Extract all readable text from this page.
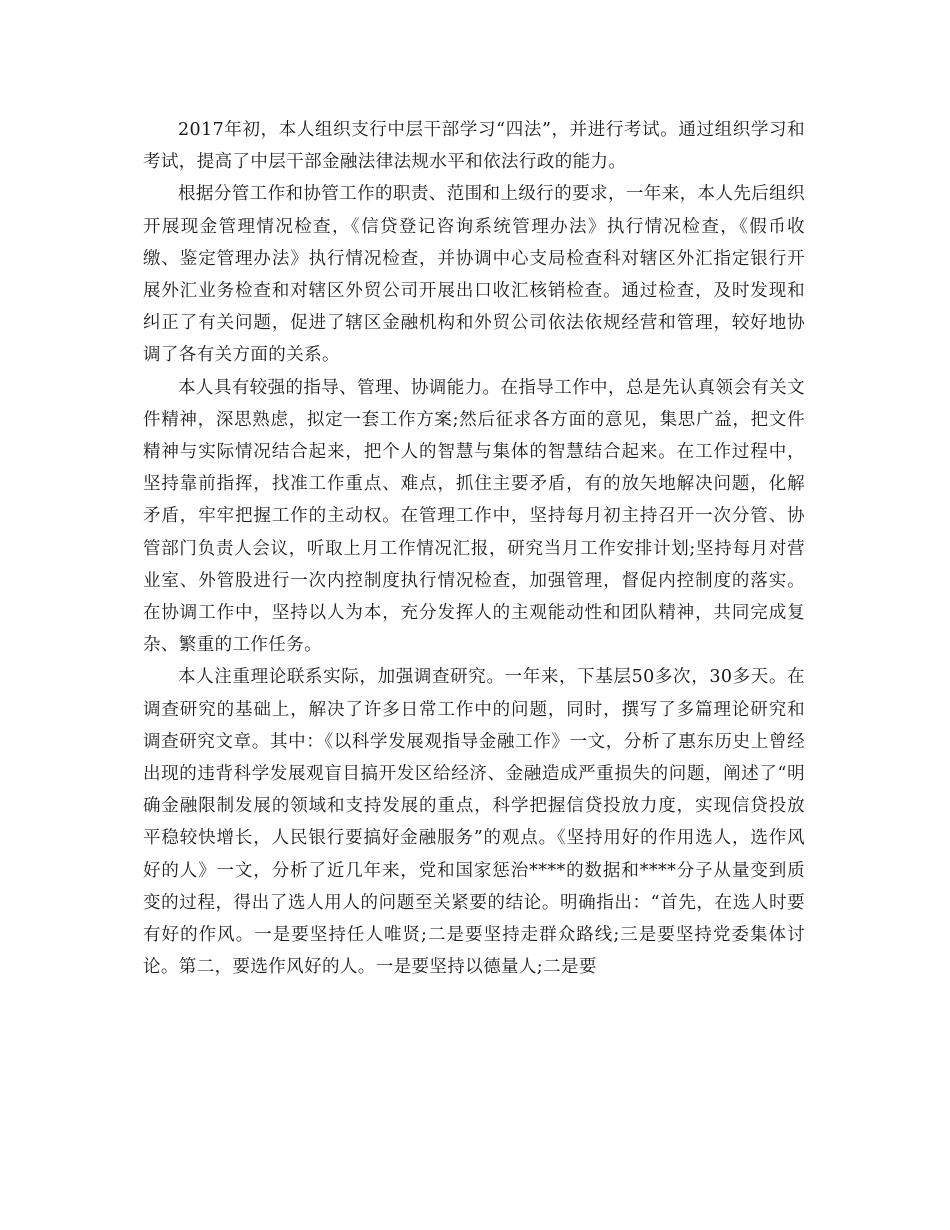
2017年初，本人组织支行中层干部学习“四法”，并进行考试。通过组织学习和考试，提高了中层干部金融法律法规水平和依法行政的能力。

根据分管工作和协管工作的职责、范围和上级行的要求，一年来，本人先后组织开展现金管理情况检查，《信贷登记咨询系统管理办法》执行情况检查，《假币收缴、鉴定管理办法》执行情况检查，并协调中心支局检查科对辖区外汇指定银行开展外汇业务检查和对辖区外贸公司开展出口收汇核销检查。通过检查，及时发现和纠正了有关问题，促进了辖区金融机构和外贸公司依法依规经营和管理，较好地协调了各有关方面的关系。

本人具有较强的指导、管理、协调能力。在指导工作中，总是先认真领会有关文件精神，深思熟虑，拟定一套工作方案;然后征求各方面的意见，集思广益，把文件精神与实际情况结合起来，把个人的智慧与集体的智慧结合起来。在工作过程中，坚持靠前指挥，找准工作重点、难点，抓住主要矛盾，有的放矢地解决问题，化解矛盾，牢牢把握工作的主动权。在管理工作中，坚持每月初主持召开一次分管、协管部门负责人会议，听取上月工作情况汇报，研究当月工作安排计划;坚持每月对营业室、外管股进行一次内控制度执行情况检查，加强管理，督促内控制度的落实。在协调工作中，坚持以人为本，充分发挥人的主观能动性和团队精神，共同完成复杂、繁重的工作任务。

本人注重理论联系实际，加强调查研究。一年来，下基层50多次，30多天。在调查研究的基础上，解决了许多日常工作中的问题，同时，撰写了多篇理论研究和调查研究文章。其中：《以科学发展观指导金融工作》一文，分析了惠东历史上曾经出现的违背科学发展观盲目搞开发区给经济、金融造成严重损失的问题，阐述了“明确金融限制发展的领域和支持发展的重点，科学把握信贷投放力度，实现信贷投放平稳较快增长，人民银行要搞好金融服务”的观点。《坚持用好的作用选人，选作风好的人》一文，分析了近几年来，党和国家惩治****的数据和****分子从量变到质变的过程，得出了选人用人的问题至关紧要的结论。明确指出：“首先，在选人时要有好的作风。一是要坚持任人唯贤;二是要坚持走群众路线;三是要坚持党委集体讨论。第二，要选作风好的人。一是要坚持以德量人;二是要
